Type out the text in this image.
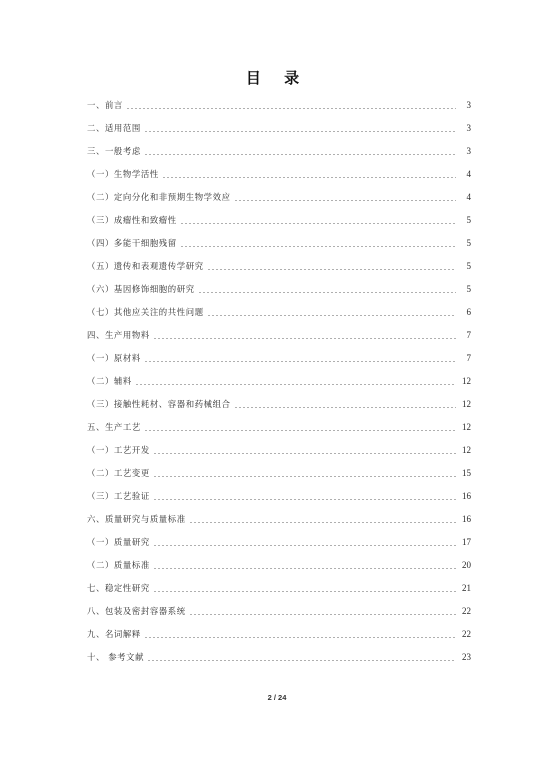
目 录
一、前言	3
二、适用范围	3
三、一般考虑	3
（一）生物学活性	4
（二）定向分化和非预期生物学效应	4
（三）成瘤性和致瘤性	5
（四）多能干细胞残留	5
（五）遗传和表观遗传学研究	5
（六）基因修饰细胞的研究	5
（七）其他应关注的共性问题	6
四、生产用物料	7
（一）原材料	7
（二）辅料	12
（三）接触性耗材、容器和药械组合	12
五、生产工艺	12
（一）工艺开发	12
（二）工艺变更	15
（三）工艺验证	16
六、质量研究与质量标准	16
（一）质量研究	17
（二）质量标准	20
七、稳定性研究	21
八、包装及密封容器系统	22
九、名词解释	22
十、 参考文献	23
2 / 24
